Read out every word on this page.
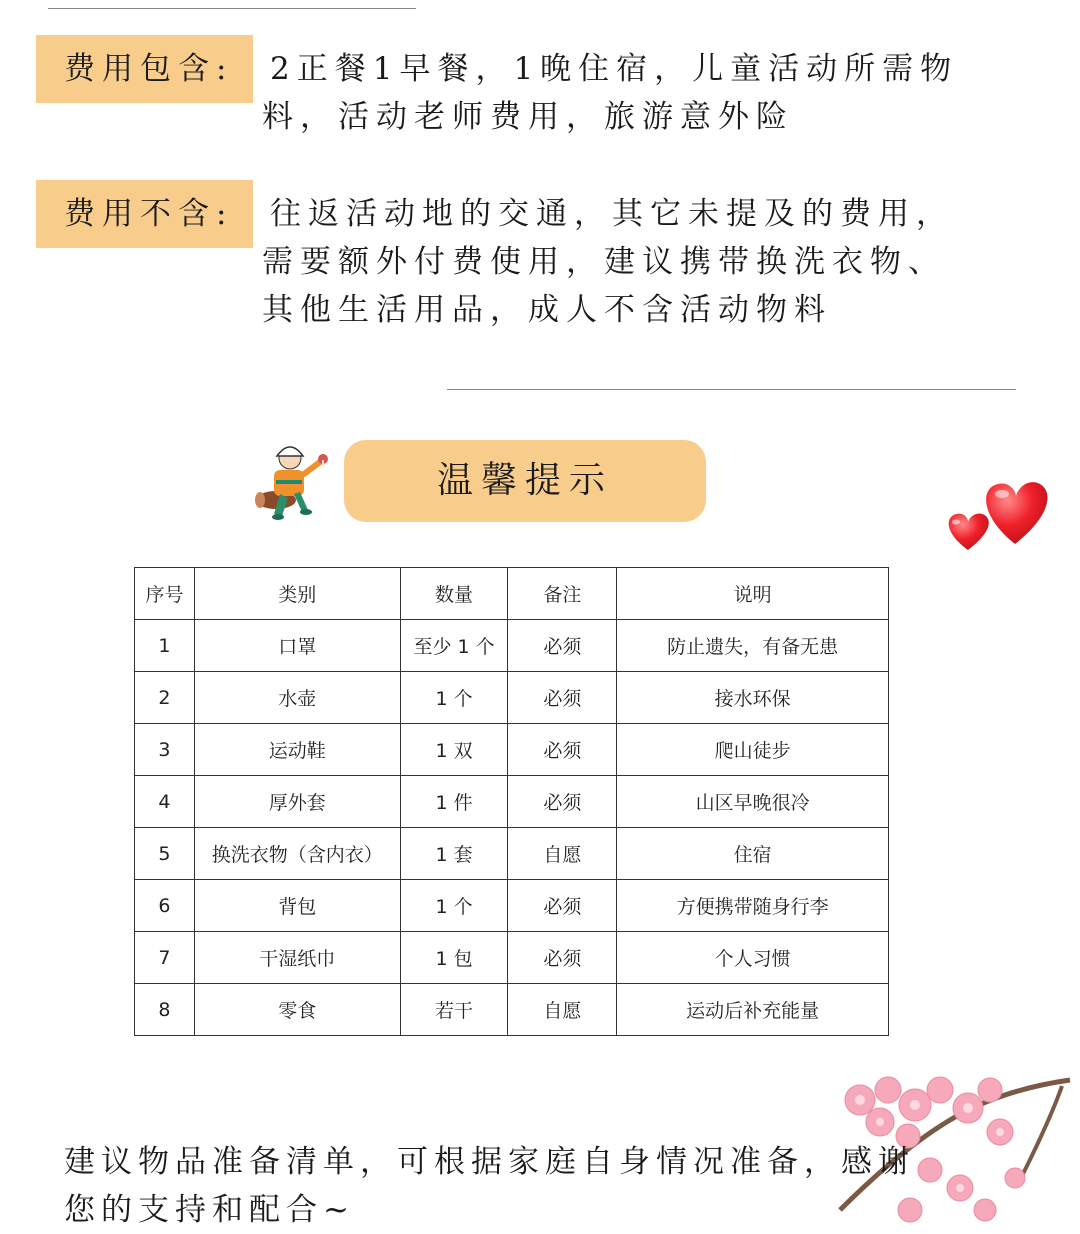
费用包含:	2正餐1早餐，1晚住宿，儿童活动所需物
料，活动老师费用，旅游意外险
费用不含:	往返活动地的交通，其它未提及的费用，
需要额外付费使用，建议携带换洗衣物、
其他生活用品，成人不含活动物料
温馨提示
序号	类别	数量	备注	说明
1	口罩	至少 1 个	必须	防止遗失，有备无患
2	水壶	1 个	必须	接水环保
3	运动鞋	1 双	必须	爬山徒步
4	厚外套	1 件	必须	山区早晚很冷
5	换洗衣物（含内衣）	1 套	自愿	住宿
6	背包	1 个	必须	方便携带随身行李
7	干湿纸巾	1 包	必须	个人习惯
8	零食	若干	自愿	运动后补充能量
建议物品准备清单，可根据家庭自身情况准备，感谢
您的支持和配合~
